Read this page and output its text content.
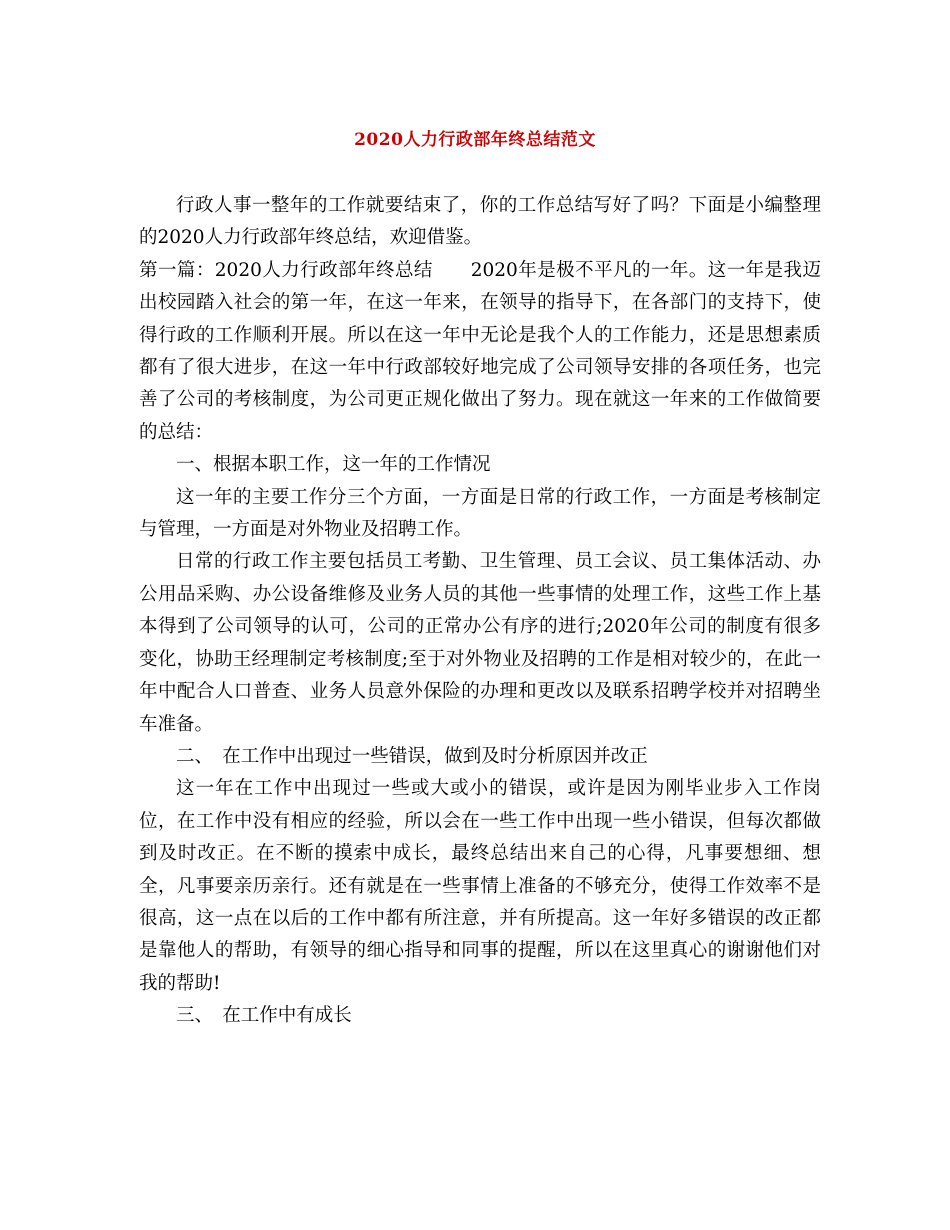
2020人力行政部年终总结范文

行政人事一整年的工作就要结束了，你的工作总结写好了吗？下面是小编整理的2020人力行政部年终总结，欢迎借鉴。

第一篇：2020人力行政部年终总结　　2020年是极不平凡的一年。这一年是我迈出校园踏入社会的第一年，在这一年来，在领导的指导下，在各部门的支持下，使得行政的工作顺利开展。所以在这一年中无论是我个人的工作能力，还是思想素质都有了很大进步，在这一年中行政部较好地完成了公司领导安排的各项任务，也完善了公司的考核制度，为公司更正规化做出了努力。现在就这一年来的工作做简要的总结：

一、根据本职工作，这一年的工作情况

这一年的主要工作分三个方面，一方面是日常的行政工作，一方面是考核制定与管理，一方面是对外物业及招聘工作。

日常的行政工作主要包括员工考勤、卫生管理、员工会议、员工集体活动、办公用品采购、办公设备维修及业务人员的其他一些事情的处理工作，这些工作上基本得到了公司领导的认可，公司的正常办公有序的进行;2020年公司的制度有很多变化，协助王经理制定考核制度;至于对外物业及招聘的工作是相对较少的，在此一年中配合人口普查、业务人员意外保险的办理和更改以及联系招聘学校并对招聘坐车准备。

二、　在工作中出现过一些错误，做到及时分析原因并改正

这一年在工作中出现过一些或大或小的错误，或许是因为刚毕业步入工作岗位，在工作中没有相应的经验，所以会在一些工作中出现一些小错误，但每次都做到及时改正。在不断的摸索中成长，最终总结出来自己的心得，凡事要想细、想全，凡事要亲历亲行。还有就是在一些事情上准备的不够充分，使得工作效率不是很高，这一点在以后的工作中都有所注意，并有所提高。这一年好多错误的改正都是靠他人的帮助，有领导的细心指导和同事的提醒，所以在这里真心的谢谢他们对我的帮助!

三、　在工作中有成长
